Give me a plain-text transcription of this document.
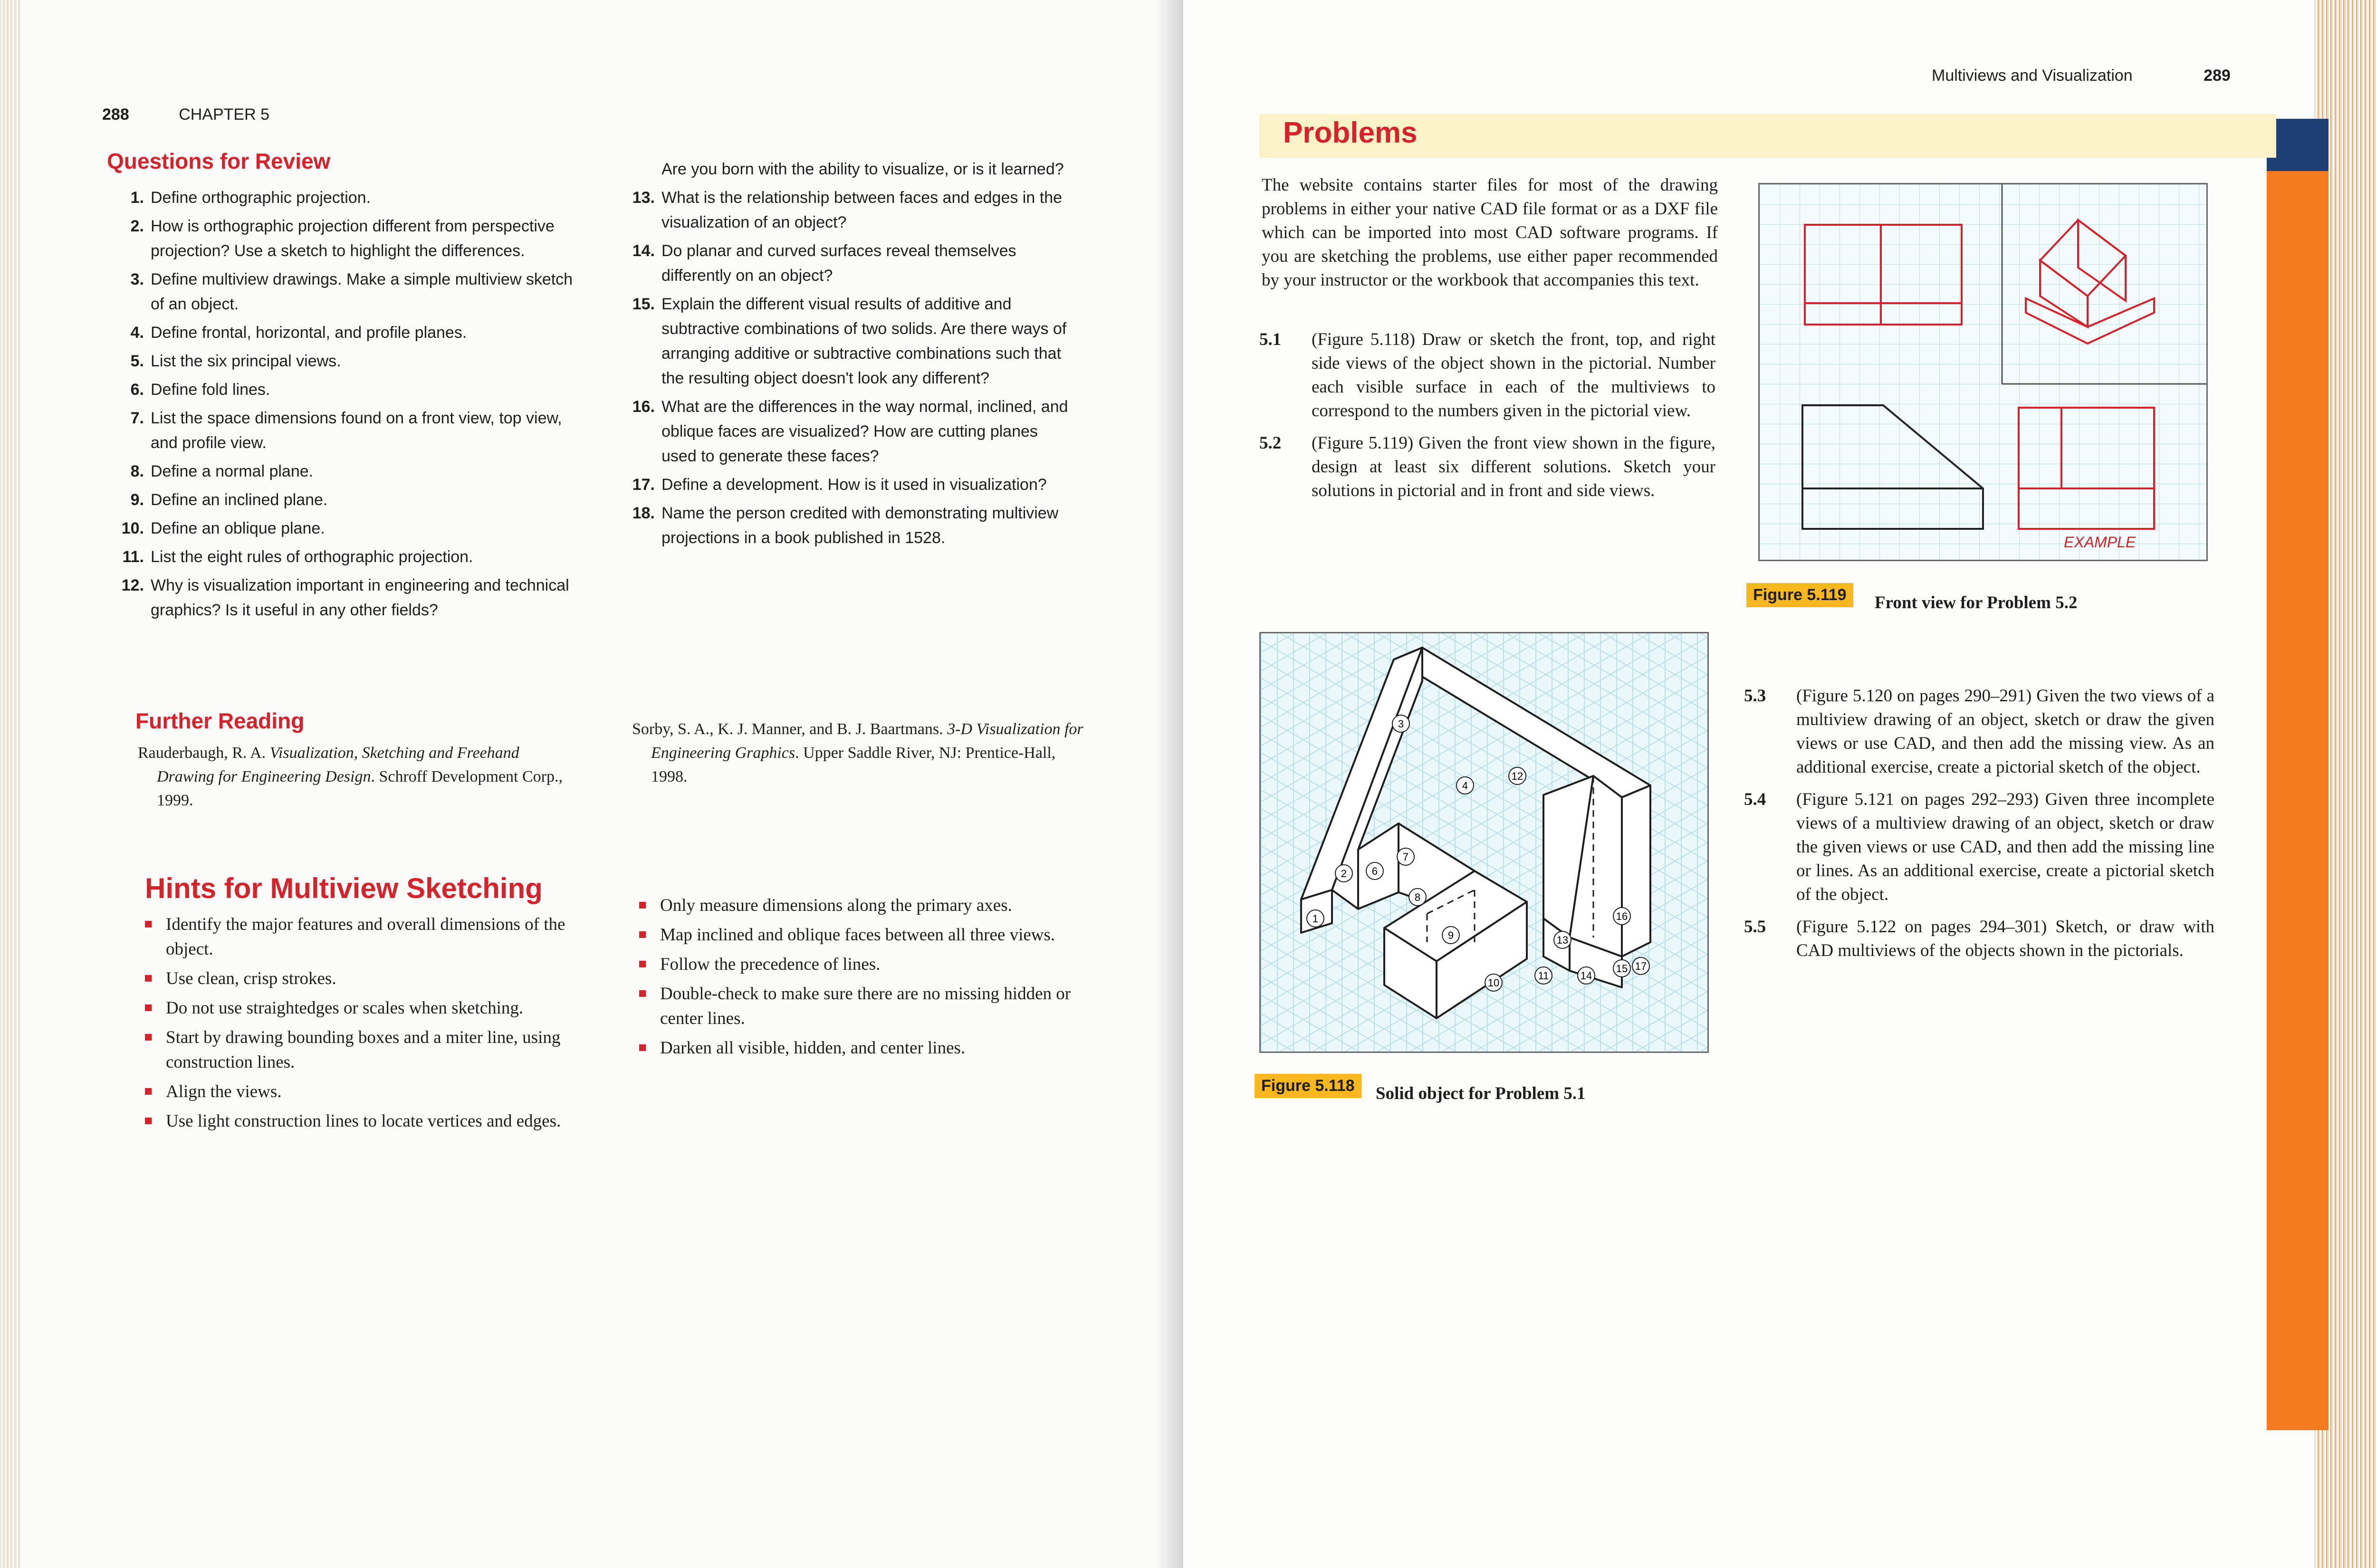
288	CHAPTER 5
Questions for Review
1. Define orthographic projection.
2. How is orthographic projection different from perspective projection? Use a sketch to highlight the differences.
3. Define multiview drawings. Make a simple multiview sketch of an object.
4. Define frontal, horizontal, and profile planes.
5. List the six principal views.
6. Define fold lines.
7. List the space dimensions found on a front view, top view, and profile view.
8. Define a normal plane.
9. Define an inclined plane.
10. Define an oblique plane.
11. List the eight rules of orthographic projection.
12. Why is visualization important in engineering and technical graphics? Is it useful in any other fields?
Are you born with the ability to visualize, or is it learned?
13. What is the relationship between faces and edges in the visualization of an object?
14. Do planar and curved surfaces reveal themselves differently on an object?
15. Explain the different visual results of additive and subtractive combinations of two solids. Are there ways of arranging additive or subtractive combinations such that the resulting object doesn't look any different?
16. What are the differences in the way normal, inclined, and oblique faces are visualized? How are cutting planes used to generate these faces?
17. Define a development. How is it used in visualization?
18. Name the person credited with demonstrating multiview projections in a book published in 1528.
Further Reading
Rauderbaugh, R. A. Visualization, Sketching and Freehand Drawing for Engineering Design. Schroff Development Corp., 1999.
Sorby, S. A., K. J. Manner, and B. J. Baartmans. 3-D Visualization for Engineering Graphics. Upper Saddle River, NJ: Prentice-Hall, 1998.
Hints for Multiview Sketching
Identify the major features and overall dimensions of the object.
Use clean, crisp strokes.
Do not use straightedges or scales when sketching.
Start by drawing bounding boxes and a miter line, using construction lines.
Align the views.
Use light construction lines to locate vertices and edges.
Only measure dimensions along the primary axes.
Map inclined and oblique faces between all three views.
Follow the precedence of lines.
Double-check to make sure there are no missing hidden or center lines.
Darken all visible, hidden, and center lines.
Multiviews and Visualization	289
Problems
The website contains starter files for most of the drawing problems in either your native CAD file format or as a DXF file which can be imported into most CAD software programs. If you are sketching the problems, use either paper recommended by your instructor or the workbook that accompanies this text.
5.1	(Figure 5.118) Draw or sketch the front, top, and right side views of the object shown in the pictorial. Number each visible surface in each of the multiviews to correspond to the numbers given in the pictorial view.
5.2	(Figure 5.119) Given the front view shown in the figure, design at least six different solutions. Sketch your solutions in pictorial and in front and side views.
5.3	(Figure 5.120 on pages 290–291) Given the two views of a multiview drawing of an object, sketch or draw the given views or use CAD, and then add the missing view. As an additional exercise, create a pictorial sketch of the object.
5.4	(Figure 5.121 on pages 292–293) Given three incomplete views of a multiview drawing of an object, sketch or draw the given views or use CAD, and then add the missing line or lines. As an additional exercise, create a pictorial sketch of the object.
5.5	(Figure 5.122 on pages 294–301) Sketch, or draw with CAD multiviews of the objects shown in the pictorials.
EXAMPLE
Figure 5.119	Front view for Problem 5.2
1
2
3
4
6
7
8
9
10
11
12
13
14
15
16
17
Figure 5.118	Solid object for Problem 5.1
